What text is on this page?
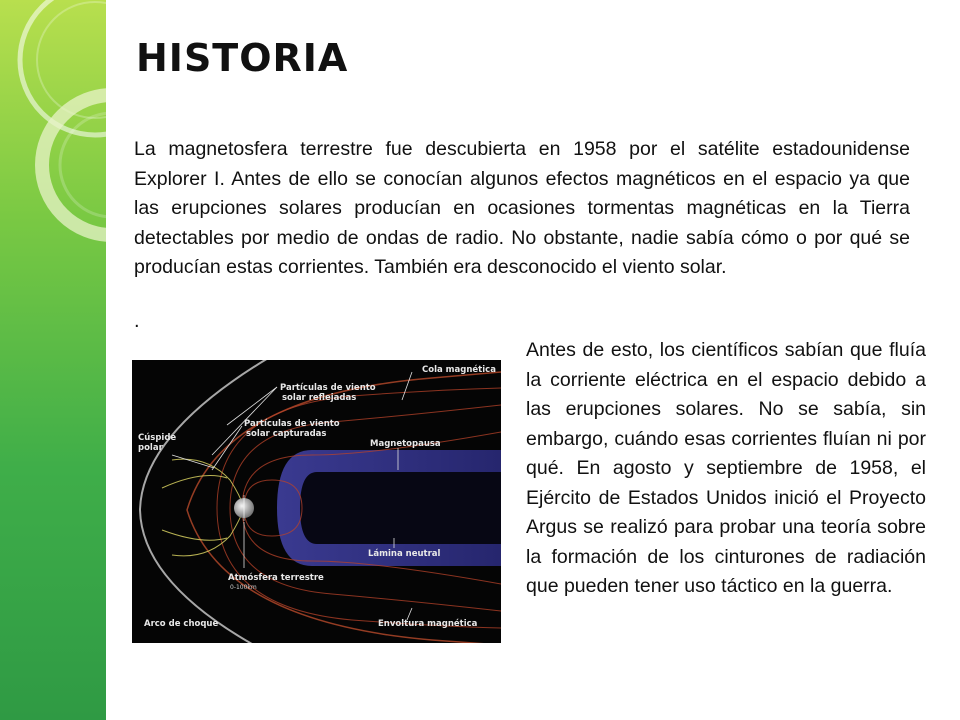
HISTORIA

La magnetosfera terrestre fue descubierta en 1958 por el satélite estadounidense Explorer I. Antes de ello se conocían algunos efectos magnéticos en el espacio ya que las erupciones solares producían en ocasiones tormentas magnéticas en la Tierra detectables por medio de ondas de radio. No obstante, nadie sabía cómo o por qué se producían estas corrientes. También era desconocido el viento solar.

.
Cola magnética
Partículas de viento
solar reflejadas
Partículas de viento
solar capturadas
Cúspide
polar	Magnetopausa
Lámina neutral
Atmósfera terrestre
0-100km
Arco de choque	Envoltura magnética

Antes de esto, los científicos sabían que fluía la corriente eléctrica en el espacio debido a las erupciones solares. No se sabía, sin embargo, cuándo esas corrientes fluían ni por qué. En agosto y septiembre de 1958, el Ejército de Estados Unidos inició el Proyecto Argus se realizó para probar una teoría sobre la formación de los cinturones de radiación que pueden tener uso táctico en la guerra.
